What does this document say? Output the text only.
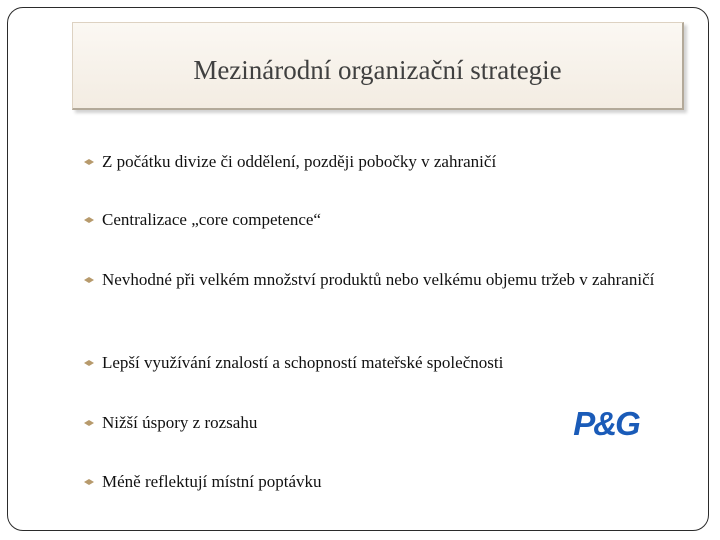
Mezinárodní organizační strategie
Z počátku divize či oddělení, později pobočky v zahraničí
Centralizace „core competence“
Nevhodné při velkém množství produktů nebo velkému objemu tržeb v zahraničí
Lepší využívání znalostí a schopností mateřské společnosti
Nižší úspory z rozsahu
Méně reflektují místní poptávku
P&G
